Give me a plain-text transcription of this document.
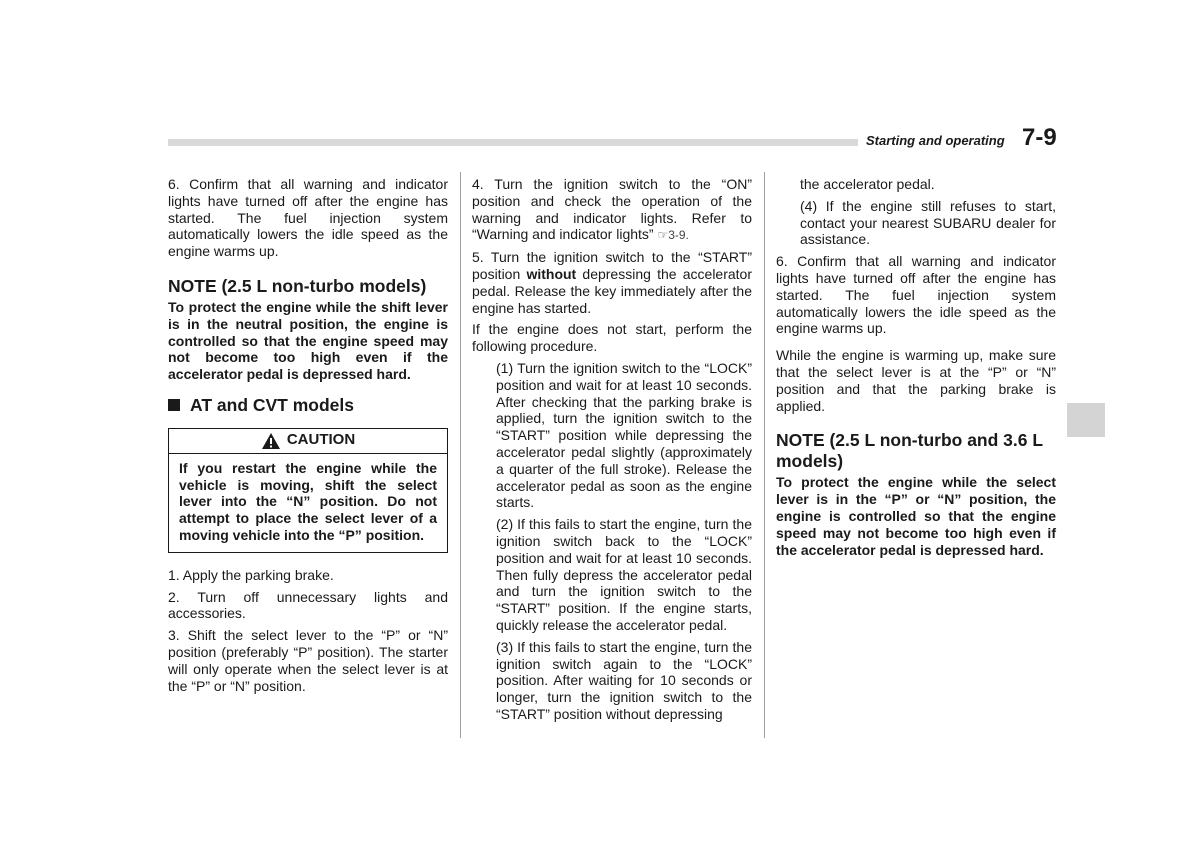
Starting and operating 7-9

6. Confirm that all warning and indicator lights have turned off after the engine has started. The fuel injection system automatically lowers the idle speed as the engine warms up.

NOTE (2.5 L non-turbo models)
To protect the engine while the shift lever is in the neutral position, the engine is controlled so that the engine speed may not become too high even if the accelerator pedal is depressed hard.
AT and CVT models
CAUTION
If you restart the engine while the vehicle is moving, shift the select lever into the “N” position. Do not attempt to place the select lever of a moving vehicle into the “P” position.

1. Apply the parking brake.

2. Turn off unnecessary lights and accessories.

3. Shift the select lever to the “P” or “N” position (preferably “P” position). The starter will only operate when the select lever is at the “P” or “N” position.

4. Turn the ignition switch to the “ON” position and check the operation of the warning and indicator lights. Refer to “Warning and indicator lights” ☞3-9.

5. Turn the ignition switch to the “START” position without depressing the accelerator pedal. Release the key immediately after the engine has started.

If the engine does not start, perform the following procedure.

(1) Turn the ignition switch to the “LOCK” position and wait for at least 10 seconds. After checking that the parking brake is applied, turn the ignition switch to the “START” position while depressing the accelerator pedal slightly (approximately a quarter of the full stroke). Release the accelerator pedal as soon as the engine starts.

(2) If this fails to start the engine, turn the ignition switch back to the “LOCK” position and wait for at least 10 seconds. Then fully depress the accelerator pedal and turn the ignition switch to the “START” position. If the engine starts, quickly release the accelerator pedal.

(3) If this fails to start the engine, turn the ignition switch again to the “LOCK” position. After waiting for 10 seconds or longer, turn the ignition switch to the “START” position without depressing

the accelerator pedal.

(4) If the engine still refuses to start, contact your nearest SUBARU dealer for assistance.

6. Confirm that all warning and indicator lights have turned off after the engine has started. The fuel injection system automatically lowers the idle speed as the engine warms up.

While the engine is warming up, make sure that the select lever is at the “P” or “N” position and that the parking brake is applied.

NOTE (2.5 L non-turbo and 3.6 L models)
To protect the engine while the select lever is in the “P” or “N” position, the engine is controlled so that the engine speed may not become too high even if the accelerator pedal is depressed hard.
